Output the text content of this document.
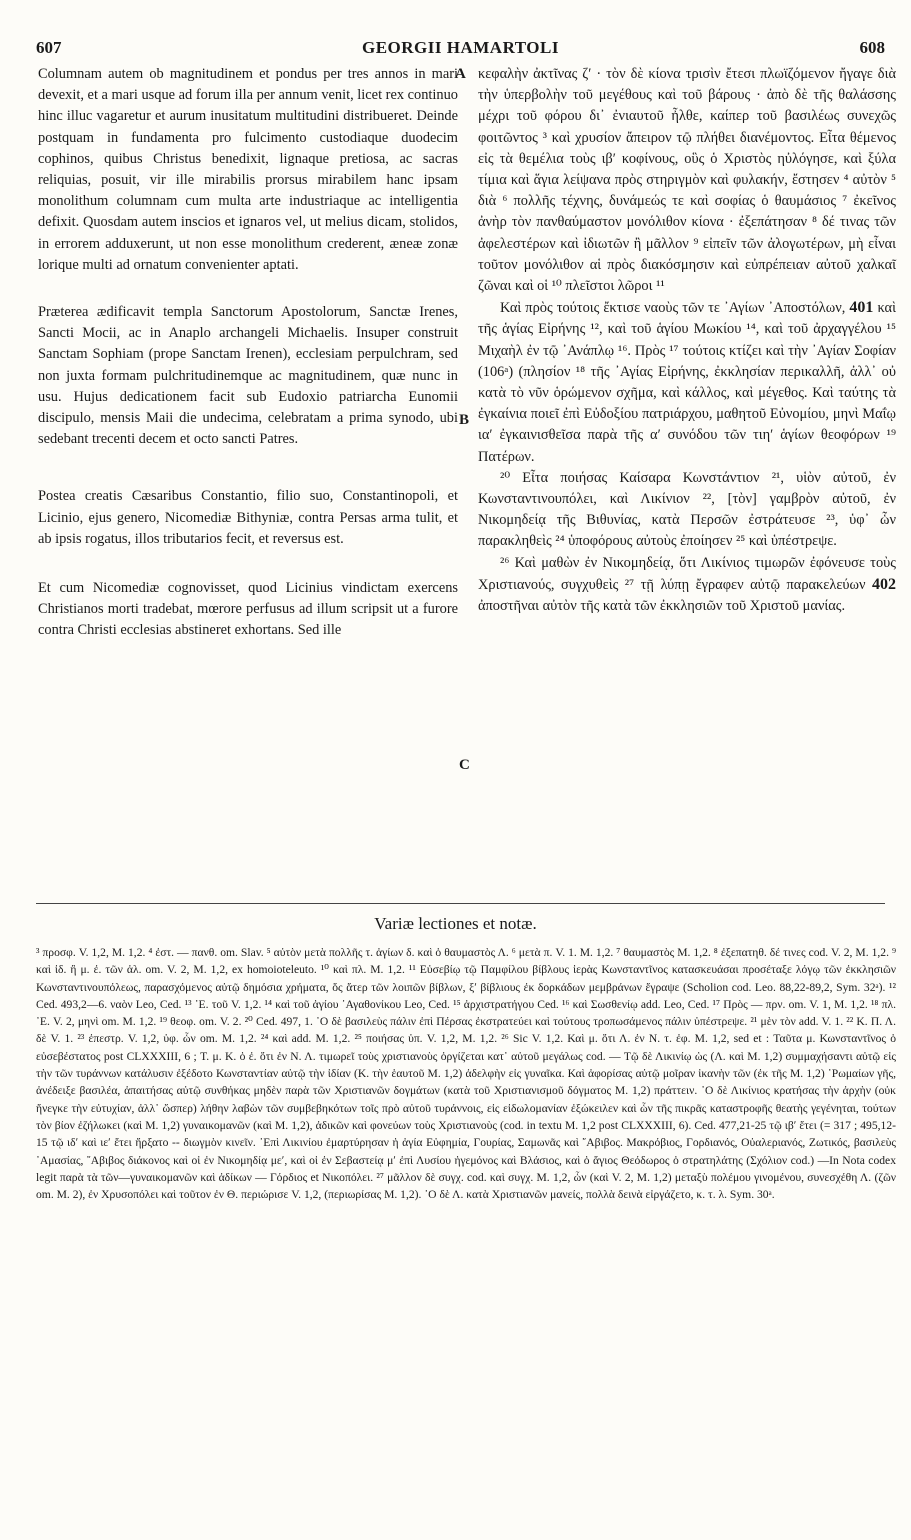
607	GEORGII HAMARTOLI	608

Columnam autem ob magnitudinem et pondus per tres annos in mari devexit, et a mari usque ad forum illa per annum venit, licet rex continuo hinc illuc vagaretur et aurum inusitatum multitudini distribueret. Deinde postquam in fundamenta pro fulcimento custodiaque duodecim cophinos, quibus Christus benedixit, lignaque pretiosa, ac sacras reliquias, posuit, vir ille mirabilis prorsus mirabilem hanc ipsam monolithum columnam cum multa arte industriaque ac intelligentia defixit. Quosdam autem inscios et ignaros vel, ut melius dicam, stolidos, in errorem adduxerunt, ut non esse monolithum crederent, æneæ zonæ lorique multi ad ornatum convenienter aptati.

Præterea ædificavit templa Sanctorum Apostolorum, Sanctæ Irenes, Sancti Mocii, ac in Anaplo archangeli Michaelis. Insuper construit Sanctam Sophiam (prope Sanctam Irenen), ecclesiam perpulchram, sed non juxta formam pulchritudinemque ac magnitudinem, quæ nunc in usu. Hujus dedicationem facit sub Eudoxio patriarcha Eunomii discipulo, mensis Maii die undecima, celebratam a prima synodo, ubi sedebant trecenti decem et octo sancti Patres.

Postea creatis Cæsaribus Constantio, filio suo, Constantinopoli, et Licinio, ejus genero, Nicomediæ Bithyniæ, contra Persas arma tulit, et ab ipsis rogatus, illos tributarios fecit, et reversus est.

Et cum Nicomediæ cognovisset, quod Licinius vindictam exercens Christianos morti tradebat, mœrore perfusus ad illum scripsit ut a furore contra Christi ecclesias abstineret exhortans. Sed ille

A
B
C

κεφαλὴν ἀκτῖνας ζʹ · τὸν δὲ κίονα τρισὶν ἔτεσι πλωϊζόμενον ἤγαγε διὰ τὴν ὑπερβολὴν τοῦ μεγέθους καὶ τοῦ βάρους · ἀπὸ δὲ τῆς θαλάσσης μέχρι τοῦ φόρου δι᾽ ἐνιαυτοῦ ἦλθε, καίπερ τοῦ βασιλέως συνεχῶς φοιτῶντος ³ καὶ χρυσίον ἄπειρον τῷ πλήθει διανέμοντος. Εἶτα θέμενος εἰς τὰ θεμέλια τοὺς ιβʹ κοφίνους, οὓς ὁ Χριστὸς ηὐλόγησε, καὶ ξύλα τίμια καὶ ἅγια λείψανα πρὸς στηριγμὸν καὶ φυλακήν, ἔστησεν ⁴ αὐτὸν ⁵ διὰ ⁶ πολλῆς τέχνης, δυνάμεώς τε καὶ σοφίας ὁ θαυμάσιος ⁷ ἐκεῖνος ἀνὴρ τὸν πανθαύμαστον μονόλιθον κίονα · ἐξεπάτησαν ⁸ δέ τινας τῶν ἀφελεστέρων καὶ ἰδιωτῶν ἢ μᾶλλον ⁹ εἰπεῖν τῶν ἀλογωτέρων, μὴ εἶναι τοῦτον μονόλιθον αἱ πρὸς διακόσμησιν καὶ εὐπρέπειαν αὐτοῦ χαλκαῖ ζῶναι καὶ οἱ ¹⁰ πλεῖστοι λῶροι ¹¹

Καὶ πρὸς τούτοις ἔκτισε ναοὺς τῶν τε ᾽Αγίων ᾽Αποστόλων, 401 καὶ τῆς ἁγίας Εἰρήνης ¹², καὶ τοῦ ἁγίου Μωκίου ¹⁴, καὶ τοῦ ἀρχαγγέλου ¹⁵ Μιχαὴλ ἐν τῷ ᾽Ανάπλῳ ¹⁶. Πρὸς ¹⁷ τούτοις κτίζει καὶ τὴν ᾽Αγίαν Σοφίαν (106ᵃ) (πλησίον ¹⁸ τῆς ᾽Αγίας Εἰρήνης, ἐκκλησίαν περικαλλῆ, ἀλλ᾽ οὐ κατὰ τὸ νῦν ὁρώμενον σχῆμα, καὶ κάλλος, καὶ μέγεθος. Καὶ ταύτης τὰ ἐγκαίνια ποιεῖ ἐπὶ Εὐδοξίου πατριάρχου, μαθητοῦ Εὐνομίου, μηνὶ Μαΐῳ ιαʹ ἐγκαινισθεῖσα παρὰ τῆς αʹ συνόδου τῶν τιηʹ ἁγίων θεοφόρων ¹⁹ Πατέρων.

²⁰ Εἶτα ποιήσας Καίσαρα Κωνστάντιον ²¹, υἱὸν αὐτοῦ, ἐν Κωνσταντινουπόλει, καὶ Λικίνιον ²², [τὸν] γαμβρὸν αὐτοῦ, ἐν Νικομηδείᾳ τῆς Βιθυνίας, κατὰ Περσῶν ἐστράτευσε ²³, ὑφ᾽ ὧν παρακληθεὶς ²⁴ ὑποφόρους αὐτοὺς ἐποίησεν ²⁵ καὶ ὑπέστρεψε.

²⁶ Καὶ μαθὼν ἐν Νικομηδείᾳ, ὅτι Λικίνιος τιμωρῶν ἐφόνευσε τοὺς Χριστιανούς, συγχυθεὶς ²⁷ τῇ λύπῃ ἔγραφεν αὐτῷ παρακελεύων 402 ἀποστῆναι αὐτὸν τῆς κατὰ τῶν ἐκκλησιῶν τοῦ Χριστοῦ μανίας.

Variæ lectiones et notæ.

³ προσφ. V. 1,2, M. 1,2. ⁴ ἐστ. — πανθ. om. Slav. ⁵ αὐτὸν μετὰ πολλῆς τ. ἁγίων δ. καὶ ὁ θαυμαστὸς Λ. ⁶ μετὰ π. V. 1. M. 1,2. ⁷ θαυμαστὸς M. 1,2. ⁸ ἐξεπατηθ. δέ τινες cod. V. 2, M. 1,2. ⁹ καὶ ἰδ. ἢ μ. ἐ. τῶν ἀλ. om. V. 2, M. 1,2, ex homoioteleuto. ¹⁰ καὶ πλ. M. 1,2. ¹¹ Εὐσεβίῳ τῷ Παμφίλου βίβλους ἱερὰς Κωνσταντῖνος κατασκευάσαι προσέταξε λόγῳ τῶν ἐκκλησιῶν Κωνσταντινουπόλεως, παρασχόμενος αὐτῷ δημόσια χρήματα, ὅς ἄτερ τῶν λοιπῶν βίβλων, ξʹ βίβλιους ἐκ δορκάδων μεμβράνων ἔγραψε (Scholion cod. Leo. 88,22-89,2, Sym. 32ᵃ). ¹² Ced. 493,2—6. ναὸν Leo, Ced. ¹³ ᾽Ε. τοῦ V. 1,2. ¹⁴ καὶ τοῦ ἁγίου ᾽Αγαθονίκου Leo, Ced. ¹⁵ ἀρχιστρατήγου Ced. ¹⁶ καὶ Σωσθενίῳ add. Leo, Ced. ¹⁷ Πρὸς — πρν. om. V. 1, M. 1,2. ¹⁸ πλ. ᾽Ε. V. 2, μηνὶ om. M. 1,2. ¹⁹ θεοφ. om. V. 2. ²⁰ Ced. 497, 1. ᾽Ο δὲ βασιλεὺς πάλιν ἐπὶ Πέρσας ἐκστρατεύει καὶ τούτους τροπωσάμενος πάλιν ὑπέστρεψε. ²¹ μὲν τὸν add. V. 1. ²² Κ. Π. Λ. δὲ V. 1. ²³ ἐπεστρ. V. 1,2, ὑφ. ὧν om. M. 1,2. ²⁴ καὶ add. M. 1,2. ²⁵ ποιήσας ὑπ. V. 1,2, M. 1,2. ²⁶ Sic V. 1,2. Καὶ μ. ὅτι Λ. ἐν Ν. τ. ἐφ. M. 1,2, sed et : Ταῦτα μ. Κωνσταντῖνος ὁ εὐσεβέστατος post CLXXXIII, 6 ; Τ. μ. Κ. ὁ ἐ. ὅτι ἐν Ν. Λ. τιμωρεῖ τοὺς χριστιανοὺς ὀργίζεται κατ᾽ αὐτοῦ μεγάλως cod. — Τῷ δὲ Λικινίῳ ὡς (Λ. καὶ Μ. 1,2) συμμαχήσαντι αὐτῷ εἰς τὴν τῶν τυράννων κατάλυσιν ἐξέδοτο Κωνσταντίαν αὐτῷ τὴν ἰδίαν (Κ. τὴν ἑαυτοῦ M. 1,2) ἀδελφὴν εἰς γυναῖκα. Καὶ ἀφορίσας αὐτῷ μοῖραν ἱκανὴν τῶν (ἐκ τῆς M. 1,2) ῾Ρωμαίων γῆς, ἀνέδειξε βασιλέα, ἀπαιτήσας αὐτῷ συνθήκας μηδὲν παρὰ τῶν Χριστιανῶν δογμάτων (κατὰ τοῦ Χριστιανισμοῦ δόγματος M. 1,2) πράττειν. ᾽Ο δὲ Λικίνιος κρατήσας τὴν ἀρχὴν (οὐκ ἤνεγκε τὴν εὐτυχίαν, ἀλλ᾽ ὥσπερ) λήθην λαβὼν τῶν συμβεβηκότων τοῖς πρὸ αὐτοῦ τυράννοις, εἰς εἰδωλομανίαν ἐξώκειλεν καὶ ὧν τῆς πικρᾶς καταστροφῆς θεατὴς γεγένηται, τούτων τὸν βίον ἐζήλωκει (καὶ M. 1,2) γυναικομανῶν (καὶ M. 1,2), ἀδικῶν καὶ φονεύων τοὺς Χριστιανοὺς (cod. in textu M. 1,2 post CLXXXIII, 6). Ced. 477,21-25 τῷ ιβʹ ἔτει (= 317 ; 495,12-15 τῷ ιδʹ καὶ ιεʹ ἔτει ἤρξατο -- διωγμὸν κινεῖν. ᾽Επὶ Λικινίου ἐμαρτύρησαν ἡ ἁγία Εὐφημία, Γουρίας, Σαμωνᾶς καὶ ῎Αβιβος. Μακρόβιος, Γορδιανός, Οὐαλεριανός, Ζωτικός, βασιλεὺς ᾽Αμασίας, ῎Αβιβος διάκονος καὶ οἱ ἐν Νικομηδίᾳ μεʹ, καὶ οἱ ἐν Σεβαστείᾳ μʹ ἐπὶ Λυσίου ἡγεμόνος καὶ Βλάσιος, καὶ ὁ ἅγιος Θεόδωρος ὁ στρατηλάτης (Σχόλιον cod.) —In Nota codex legit παρὰ τὰ τῶν—γυναικομανῶν καὶ ἀδίκων — Γόρδιος et Νικοπόλει. ²⁷ μᾶλλον δὲ συγχ. cod. καὶ συγχ. M. 1,2, ὧν (καὶ V. 2, M. 1,2) μεταξὺ πολέμου γινομένου, συνεσχέθη Λ. (ζῶν om. M. 2), ἐν Χρυσοπόλει καὶ τοῦτον ἐν Θ. περιώρισε V. 1,2, (περιωρίσας M. 1,2). ᾽Ο δὲ Λ. κατὰ Χριστιανῶν μανείς, πολλὰ δεινὰ εἰργάζετο, κ. τ. λ. Sym. 30ᵃ.
